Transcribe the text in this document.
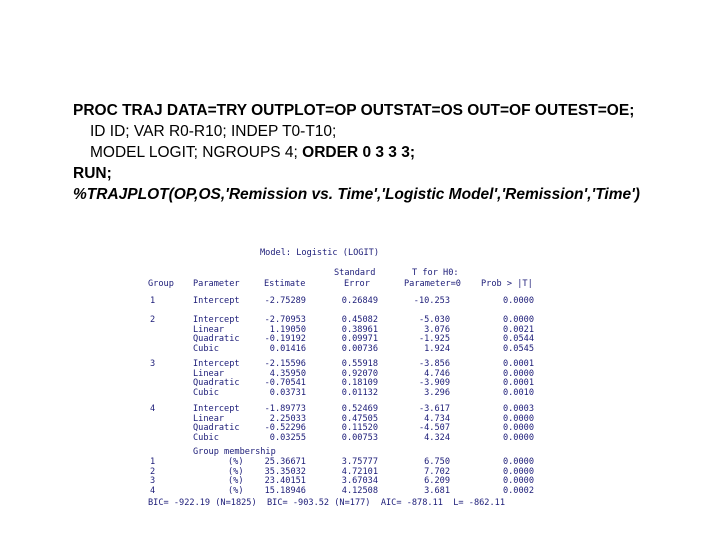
PROC TRAJ DATA=TRY OUTPLOT=OP OUTSTAT=OS OUT=OF OUTEST=OE;
ID ID; VAR R0-R10; INDEP T0-T10;
MODEL LOGIT; NGROUPS 4; ORDER 0 3 3 3;
RUN;
%TRAJPLOT(OP,OS,'Remission vs. Time','Logistic Model','Remission','Time')
Model: Logistic (LOGIT)
Standard	T for H0:
Group Parameter	Estimate	Error	Parameter=0 Prob > |T|
1	Intercept	-2.75289	0.26849	-10.253	0.0000
2	Intercept	-2.70953	0.45082	-5.030	0.0000
Linear	1.19050	0.38961	3.076	0.0021
Quadratic	-0.19192	0.09971	-1.925	0.0544
Cubic	0.01416	0.00736	1.924	0.0545
3	Intercept	-2.15596	0.55918	-3.856	0.0001
Linear	4.35950	0.92070	4.746	0.0000
Quadratic	-0.70541	0.18109	-3.909	0.0001
Cubic	0.03731	0.01132	3.296	0.0010
4	Intercept	-1.89773	0.52469	-3.617	0.0003
Linear	2.25033	0.47505	4.734	0.0000
Quadratic	-0.52296	0.11520	-4.507	0.0000
Cubic	0.03255	0.00753	4.324	0.0000
Group membership
1	(%)	25.36671	3.75777	6.750	0.0000
2	(%)	35.35032	4.72101	7.702	0.0000
3	(%)	23.40151	3.67034	6.209	0.0000
4	(%)	15.18946	4.12508	3.681	0.0002
BIC= -922.19 (N=1825)  BIC= -903.52 (N=177)  AIC= -878.11  L= -862.11
